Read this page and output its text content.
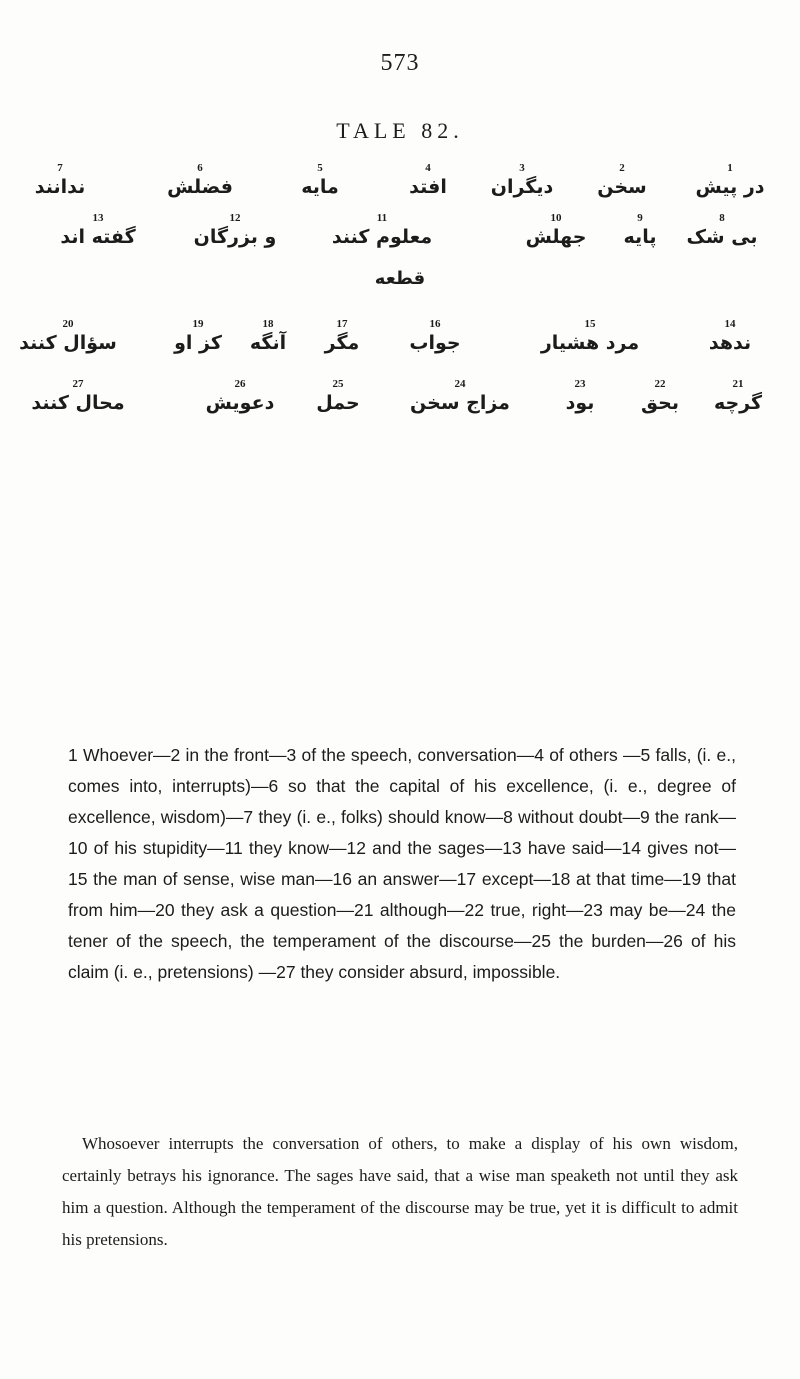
573
TALE 82.
7
ندانند
6
فضلش
5
مایه
4
افتد
3
دیگران
2
سخن
1
در پیش
13
گفته اند
12
و بزرگان
11
معلوم کنند
10
جهلش
9
پایه
8
بی شک
قطعه
20
سؤال کنند
19
کز او
18
آنگه
17
مگر
16
جواب
15
مرد هشیار
14
ندهد
27
محال کنند
26
دعویش
25
حمل
24
مزاج سخن
23
بود
22
بحق
21
گرچه
1 Whoever—2 in the front—3 of the speech, conversation—4 of others —5 falls, (i. e., comes into, interrupts)—6 so that the capital of his excellence, (i. e., degree of excellence, wisdom)—7 they (i. e., folks) should know—8 without doubt—9 the rank—10 of his stupidity—11 they know—12 and the sages—13 have said—14 gives not—15 the man of sense, wise man—16 an answer—17 except—18 at that time—19 that from him—20 they ask a question—21 although—22 true, right—23 may be—24 the tener of the speech, the temperament of the discourse—25 the burden—26 of his claim (i. e., pretensions) —27 they consider absurd, impossible.

Whosoever interrupts the conversation of others, to make a display of his own wisdom, certainly betrays his ignorance. The sages have said, that a wise man speaketh not until they ask him a question. Although the temperament of the discourse may be true, yet it is difficult to admit his pretensions.
